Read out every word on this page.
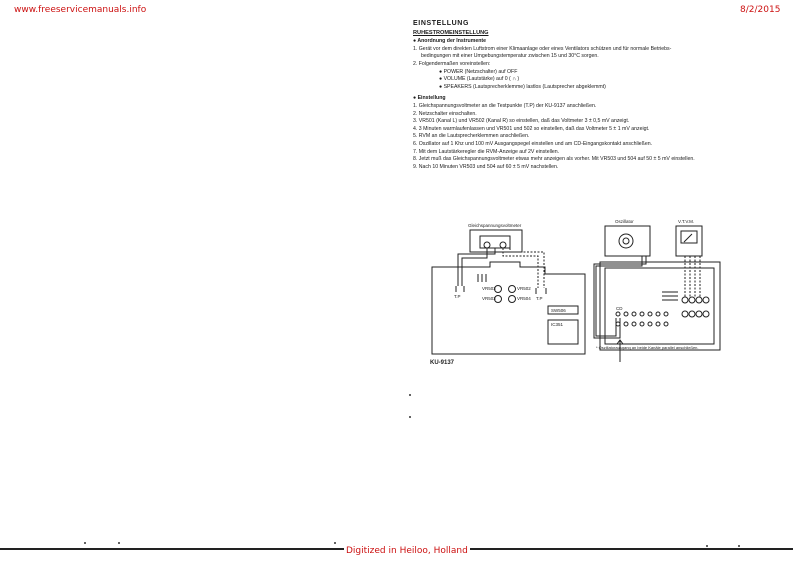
www.freeservicemanuals.info	8/2/2015
EINSTELLUNG
RUHESTROMEINSTELLUNG
● Anordnung der Instrumente
1. Gerät vor dem direkten Luftstrom einer Klimaanlage oder eines Ventilators schützen und für normale Betriebs-
bedingungen mit einer Umgebungstemperatur zwischen 15 und 30°C sorgen.
2. Folgendermaßen voreinstellen:
● POWER (Netzschalter) auf OFF
● VOLUME (Lautstärke) auf 0 ( ∩ )
● SPEAKERS (Lautsprecherklemme) lastlos (Lautsprecher abgeklemmt)
● Einstellung
1. Gleichspannungsvoltmeter an die Testpunkte (T.P) der KU-9137 anschließen.
2. Netzschalter einschalten.
3. VR501 (Kanal L) und VR502 (Kanal R) so einstellen, daß das Voltmeter 3 ± 0,5 mV anzeigt.
4. 3 Minuten warmlaufenlassen und VR501 und 502 so einstellen, daß das Voltmeter 5 ± 1 mV anzeigt.
5. RVM an die Lautsprecherklemmen anschließen.
6. Oszillator auf 1 Khz und 100 mV Ausgangspegel einstellen und am CD-Eingangskontakt anschließen.
7. Mit dem Lautstärkeregler die RVM-Anzeige auf 2V einstellen.
8. Jetzt muß das Gleichspannungsvoltmeter etwas mehr anzeigen als vorher. Mit VR503 und 504 auf 50 ± 5 mV einstellen.
9. Nach 10 Minuten VR503 und 504 auf 60 ± 5 mV nachstellen.
Gleichspannungsvoltmeter
T.P	T.P
VR503	VR502
VR503	VR504
SW506
IC351
KU-9137
Oszillator	V.T.V.M.
CD
* Oszillatorausgang an beide Kanäle parallel anschließen.
Digitized in Heiloo, Holland
